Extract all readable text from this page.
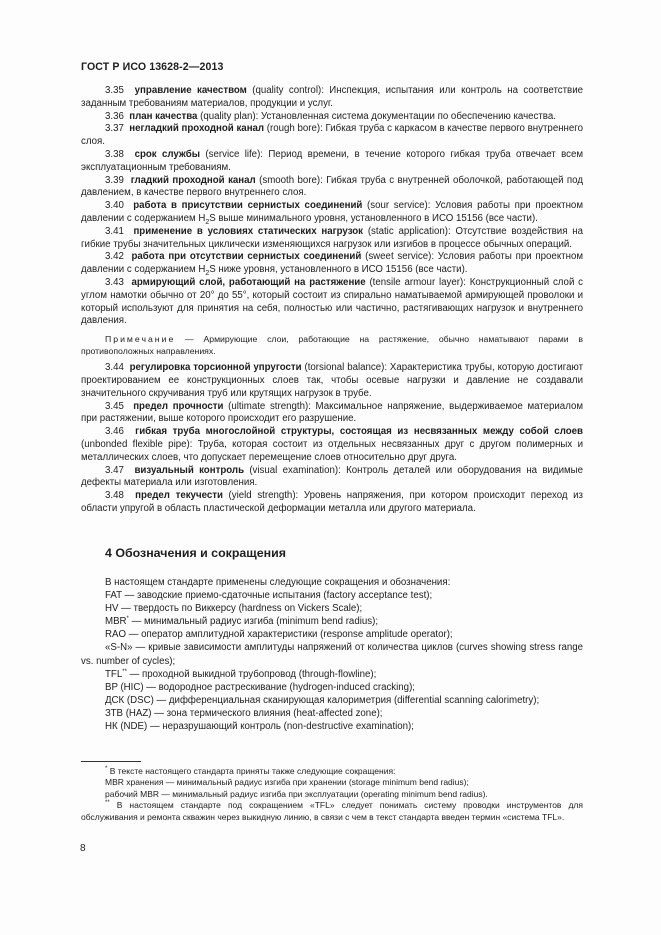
ГОСТ Р ИСО 13628-2—2013

3.35 управление качеством (quality control): Инспекция, испытания или контроль на соответствие заданным требованиям материалов, продукции и услуг.

3.36 план качества (quality plan): Установленная система документации по обеспечению качества.

3.37 негладкий проходной канал (rough bore): Гибкая труба с каркасом в качестве первого внутреннего слоя.

3.38 срок службы (service life): Период времени, в течение которого гибкая труба отвечает всем эксплуатационным требованиям.

3.39 гладкий проходной канал (smooth bore): Гибкая труба с внутренней оболочкой, работающей под давлением, в качестве первого внутреннего слоя.

3.40 работа в присутствии сернистых соединений (sour service): Условия работы при проектном давлении с содержанием $H_2S$ выше минимального уровня, установленного в ИСО 15156 (все части).

3.41 применение в условиях статических нагрузок (static application): Отсутствие воздействия на гибкие трубы значительных циклически изменяющихся нагрузок или изгибов в процессе обычных операций.

3.42 работа при отсутствии сернистых соединений (sweet service): Условия работы при проектном давлении с содержанием $H_2S$ ниже уровня, установленного в ИСО 15156 (все части).

3.43 армирующий слой, работающий на растяжение (tensile armour layer): Конструкционный слой с углом намотки обычно от 20° до 55°, который состоит из спирально наматываемой армирующей проволоки и который используют для принятия на себя, полностью или частично, растягивающих нагрузок и внутреннего давления.

Примечание — Армирующие слои, работающие на растяжение, обычно наматывают парами в противоположных направлениях.

3.44 регулировка торсионной упругости (torsional balance): Характеристика трубы, которую достигают проектированием ее конструкционных слоев так, чтобы осевые нагрузки и давление не создавали значительного скручивания труб или крутящих нагрузок в трубе.

3.45 предел прочности (ultimate strength): Максимальное напряжение, выдерживаемое материалом при растяжении, выше которого происходит его разрушение.

3.46 гибкая труба многослойной структуры, состоящая из несвязанных между собой слоев (unbonded flexible pipe): Труба, которая состоит из отдельных несвязанных друг с другом полимерных и металлических слоев, что допускает перемещение слоев относительно друг друга.

3.47 визуальный контроль (visual examination): Контроль деталей или оборудования на видимые дефекты материала или изготовления.

3.48 предел текучести (yield strength): Уровень напряжения, при котором происходит переход из области упругой в область пластической деформации металла или другого материала.

4 Обозначения и сокращения

В настоящем стандарте применены следующие сокращения и обозначения:

FAT — заводские приемо-сдаточные испытания (factory acceptance test);

HV — твердость по Виккерсу (hardness on Vickers Scale);

MBR* — минимальный радиус изгиба (minimum bend radius);

RAO — оператор амплитудной характеристики (response amplitude operator);

«S-N» — кривые зависимости амплитуды напряжений от количества циклов (curves showing stress range vs. number of cycles);

TFL** — проходной выкидной трубопровод (through-flowline);

BP (HIC) — водородное растрескивание (hydrogen-induced cracking);

ДСК (DSC) — дифференциальная сканирующая калориметрия (differential scanning calorimetry);

ЗТВ (HAZ) — зона термического влияния (heat-affected zone);

НК (NDE) — неразрушающий контроль (non-destructive examination);

* В тексте настоящего стандарта приняты также следующие сокращения:

MBR хранения — минимальный радиус изгиба при хранении (storage minimum bend radius);

рабочий MBR — минимальный радиус изгиба при эксплуатации (operating minimum bend radius).

** В настоящем стандарте под сокращением «TFL» следует понимать систему проводки инструментов для обслуживания и ремонта скважин через выкидную линию, в связи с чем в текст стандарта введен термин «система TFL».

8
